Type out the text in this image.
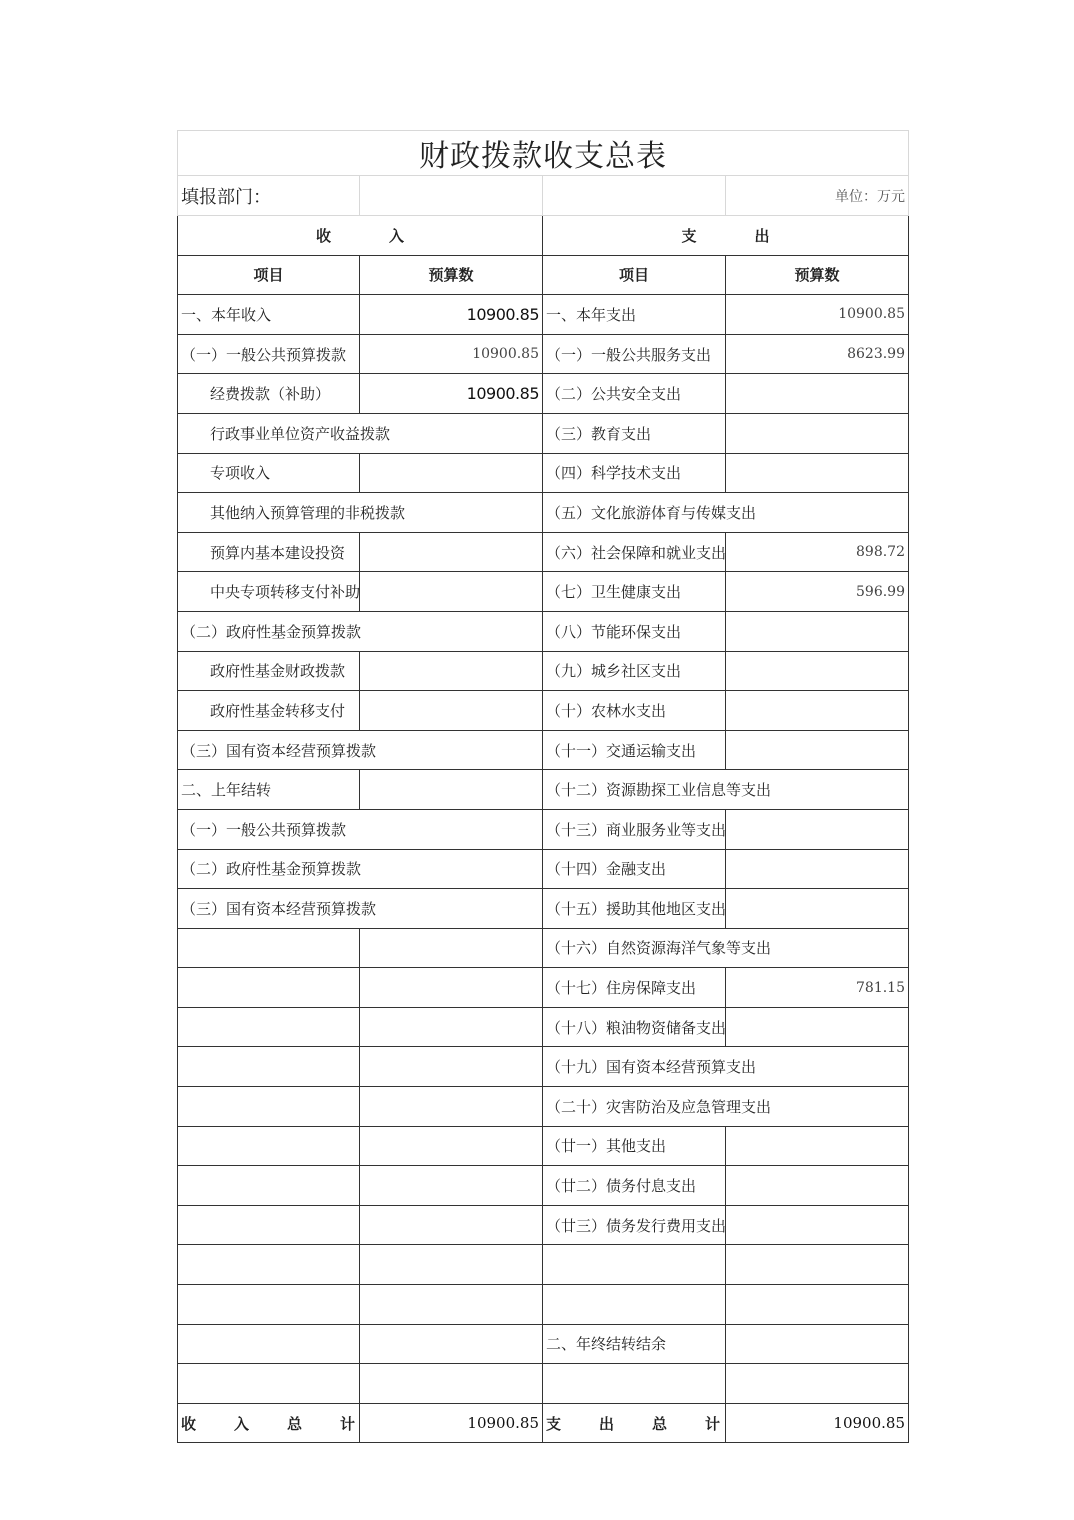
财政拨款收支总表			
填报部门：			单位：万元
收 入		支 出	
项目	预算数	项目	预算数
一、本年收入	10900.85	一、本年支出	10900.85
（一）一般公共预算拨款	10900.85	（一）一般公共服务支出	8623.99
经费拨款（补助）	10900.85	（二）公共安全支出	
行政事业单位资产收益拨款		（三）教育支出	
专项收入		（四）科学技术支出	
其他纳入预算管理的非税拨款		（五）文化旅游体育与传媒支出	
预算内基本建设投资		（六）社会保障和就业支出	898.72
中央专项转移支付补助		（七）卫生健康支出	596.99
（二）政府性基金预算拨款		（八）节能环保支出	
政府性基金财政拨款		（九）城乡社区支出	
政府性基金转移支付		（十）农林水支出	
（三）国有资本经营预算拨款		（十一）交通运输支出	
二、上年结转		（十二）资源勘探工业信息等支出	
（一）一般公共预算拨款		（十三）商业服务业等支出	
（二）政府性基金预算拨款		（十四）金融支出	
（三）国有资本经营预算拨款		（十五）援助其他地区支出	
		（十六）自然资源海洋气象等支出	
		（十七）住房保障支出	781.15
		（十八）粮油物资储备支出	
		（十九）国有资本经营预算支出	
		（二十）灾害防治及应急管理支出	
		（廿一）其他支出	
		（廿二）债务付息支出	
		（廿三）债务发行费用支出	

		二、年终结转结余	

收 入 总 计	10900.85	支 出 总 计	10900.85
